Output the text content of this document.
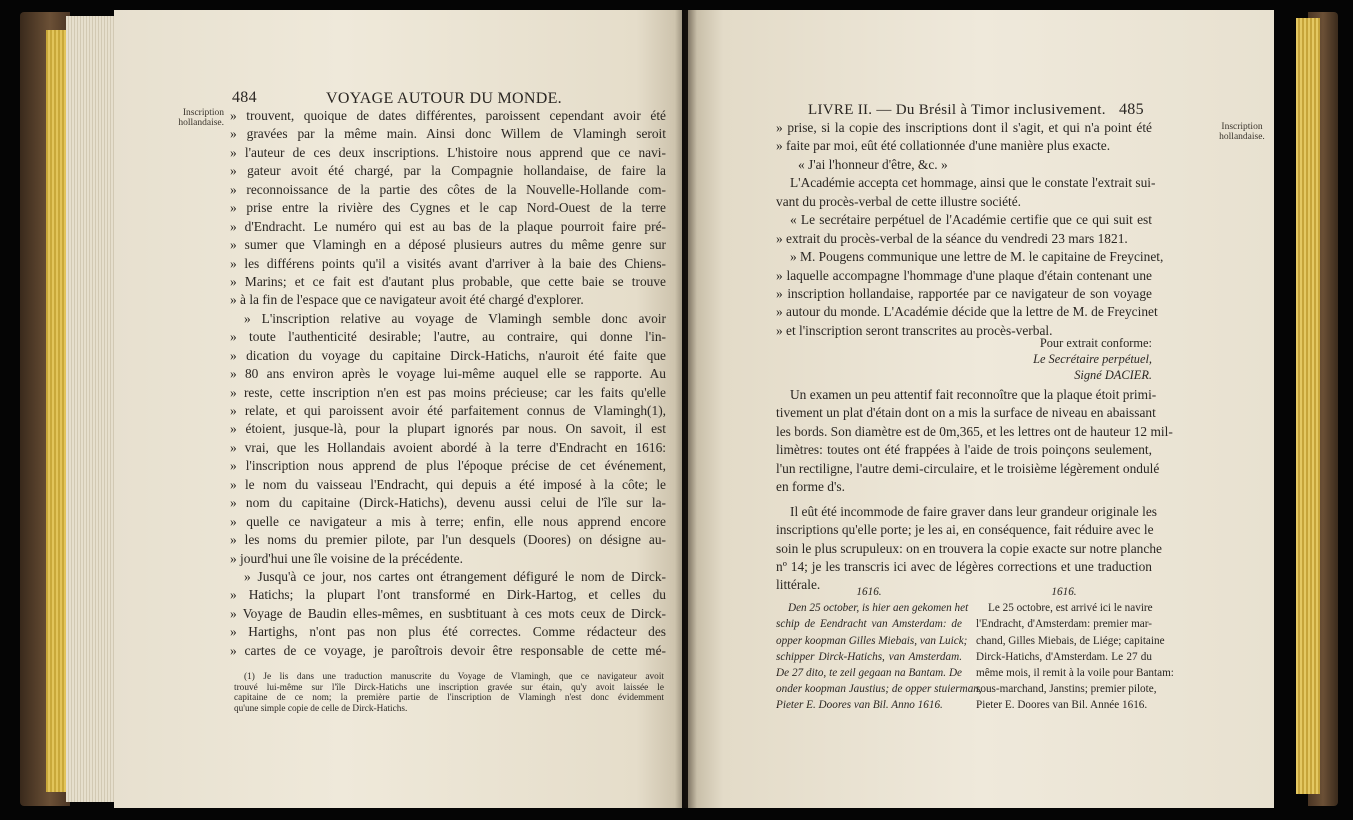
484	VOYAGE AUTOUR DU MONDE.
Inscription
hollandaise. » trouvent, quoique de dates différentes, paroissent cependant avoir été
» gravées par la même main. Ainsi donc Willem de Vlamingh seroit
» l'auteur de ces deux inscriptions. L'histoire nous apprend que ce navi-
» gateur avoit été chargé, par la Compagnie hollandaise, de faire la
» reconnoissance de la partie des côtes de la Nouvelle-Hollande com-
» prise entre la rivière des Cygnes et le cap Nord-Ouest de la terre
» d'Endracht. Le numéro qui est au bas de la plaque pourroit faire pré-
» sumer que Vlamingh en a déposé plusieurs autres du même genre sur
» les différens points qu'il a visités avant d'arriver à la baie des Chiens-
» Marins; et ce fait est d'autant plus probable, que cette baie se trouve
» à la fin de l'espace que ce navigateur avoit été chargé d'explorer.
» L'inscription relative au voyage de Vlamingh semble donc avoir
» toute l'authenticité desirable; l'autre, au contraire, qui donne l'in-
» dication du voyage du capitaine Dirck-Hatichs, n'auroit été faite que
» 80 ans environ après le voyage lui-même auquel elle se rapporte. Au
» reste, cette inscription n'en est pas moins précieuse; car les faits qu'elle
» relate, et qui paroissent avoir été parfaitement connus de Vlamingh(1),
» étoient, jusque-là, pour la plupart ignorés par nous. On savoit, il est
» vrai, que les Hollandais avoient abordé à la terre d'Endracht en 1616:
» l'inscription nous apprend de plus l'époque précise de cet événement,
» le nom du vaisseau l'Endracht, qui depuis a été imposé à la côte; le
» nom du capitaine (Dirck-Hatichs), devenu aussi celui de l'île sur la-
» quelle ce navigateur a mis à terre; enfin, elle nous apprend encore
» les noms du premier pilote, par l'un desquels (Doores) on désigne au-
» jourd'hui une île voisine de la précédente.
» Jusqu'à ce jour, nos cartes ont étrangement défiguré le nom de Dirck-
» Hatichs; la plupart l'ont transformé en Dirk-Hartog, et celles du
» Voyage de Baudin elles-mêmes, en susbtituant à ces mots ceux de Dirck-
» Hartighs, n'ont pas non plus été correctes. Comme rédacteur des
» cartes de ce voyage, je paroîtrois devoir être responsable de cette mé-
(1) Je lis dans une traduction manuscrite du Voyage de Vlamingh, que ce navigateur avoit
trouvé lui-même sur l'île Dirck-Hatichs une inscription gravée sur étain, qu'y avoit laissée le
capitaine de ce nom; la première partie de l'inscription de Vlamingh n'est donc évidemment
qu'une simple copie de celle de Dirck-Hatichs.
LIVRE II. — Du Brésil à Timor inclusivement. 485
Inscription
hollandaise.
» prise, si la copie des inscriptions dont il s'agit, et qui n'a point été
» faite par moi, eût été collationnée d'une manière plus exacte.
« J'ai l'honneur d'être, &c. »
L'Académie accepta cet hommage, ainsi que le constate l'extrait sui-
vant du procès-verbal de cette illustre société.
« Le secrétaire perpétuel de l'Académie certifie que ce qui suit est
» extrait du procès-verbal de la séance du vendredi 23 mars 1821.
» M. Pougens communique une lettre de M. le capitaine de Freycinet,
» laquelle accompagne l'hommage d'une plaque d'étain contenant une
» inscription hollandaise, rapportée par ce navigateur de son voyage
» autour du monde. L'Académie décide que la lettre de M. de Freycinet
» et l'inscription seront transcrites au procès-verbal.
Pour extrait conforme:
Le Secrétaire perpétuel,
Signé DACIER.
Un examen un peu attentif fait reconnoître que la plaque étoit primi-
tivement un plat d'étain dont on a mis la surface de niveau en abaissant
les bords. Son diamètre est de 0m,365, et les lettres ont de hauteur 12 mil-
limètres: toutes ont été frappées à l'aide de trois poinçons seulement,
l'un rectiligne, l'autre demi-circulaire, et le troisième légèrement ondulé
en forme d's.
Il eût été incommode de faire graver dans leur grandeur originale les
inscriptions qu'elle porte; je les ai, en conséquence, fait réduire avec le
soin le plus scrupuleux: on en trouvera la copie exacte sur notre planche
nº 14; je les transcris ici avec de légères corrections et une traduction
littérale.	1616.
Den 25 october, is hier aen gekomen het
schip de Eendracht van Amsterdam: de
opper koopman Gilles Miebais, van Luick;
schipper Dirck-Hatichs, van Amsterdam.
De 27 dito, te zeil gegaan na Bantam. De
onder koopman Jaustius; de opper stuierman,
Pieter E. Doores van Bil. Anno 1616.
1616.
Le 25 octobre, est arrivé ici le navire
l'Endracht, d'Amsterdam: premier mar-
chand, Gilles Miebais, de Liége; capitaine
Dirck-Hatichs, d'Amsterdam. Le 27 du
même mois, il remit à la voile pour Bantam:
sous-marchand, Janstins; premier pilote,
Pieter E. Doores van Bil. Année 1616.
